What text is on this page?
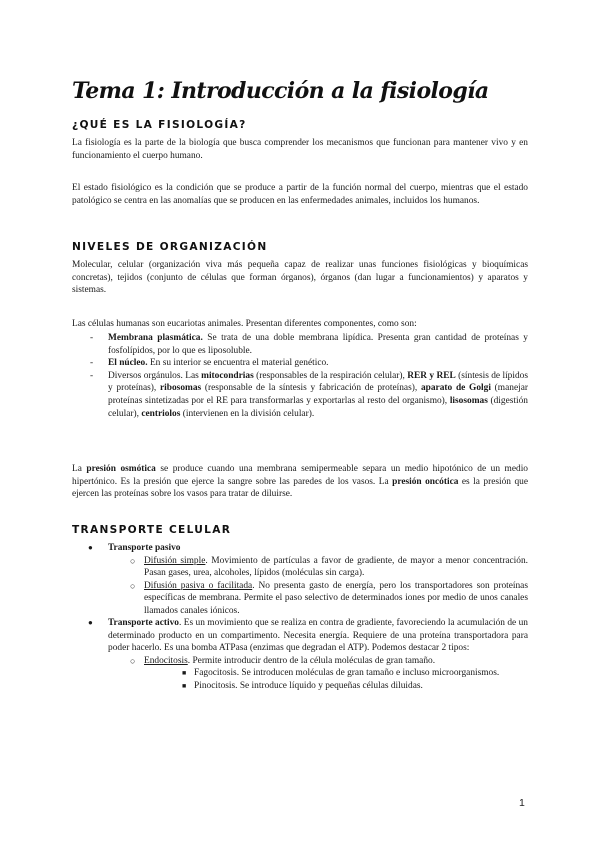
Tema 1: Introducción a la fisiología
¿QUÉ ES LA FISIOLOGÍA?

La fisiología es la parte de la biología que busca comprender los mecanismos que funcionan para mantener vivo y en funcionamiento el cuerpo humano.

El estado fisiológico es la condición que se produce a partir de la función normal del cuerpo, mientras que el estado patológico se centra en las anomalías que se producen en las enfermedades animales, incluidos los humanos.

NIVELES DE ORGANIZACIÓN

Molecular, celular (organización viva más pequeña capaz de realizar unas funciones fisiológicas y bioquímicas concretas), tejidos (conjunto de células que forman órganos), órganos (dan lugar a funcionamientos) y aparatos y sistemas.

Las células humanas son eucariotas animales. Presentan diferentes componentes, como son:

- Membrana plasmática. Se trata de una doble membrana lipídica. Presenta gran cantidad de proteínas y fosfolípidos, por lo que es liposoluble.
- El núcleo. En su interior se encuentra el material genético.
- Diversos orgánulos. Las mitocondrias (responsables de la respiración celular), RER y REL (síntesis de lípidos y proteínas), ribosomas (responsable de la síntesis y fabricación de proteínas), aparato de Golgi (manejar proteínas sintetizadas por el RE para transformarlas y exportarlas al resto del organismo), lisosomas (digestión celular), centriolos (intervienen en la división celular).

La presión osmótica se produce cuando una membrana semipermeable separa un medio hipotónico de un medio hipertónico. Es la presión que ejerce la sangre sobre las paredes de los vasos. La presión oncótica es la presión que ejercen las proteínas sobre los vasos para tratar de diluirse.

TRANSPORTE CELULAR
● Transporte pasivo
○ Difusión simple. Movimiento de partículas a favor de gradiente, de mayor a menor concentración. Pasan gases, urea, alcoholes, lípidos (moléculas sin carga).
○ Difusión pasiva o facilitada. No presenta gasto de energía, pero los transportadores son proteínas específicas de membrana. Permite el paso selectivo de determinados iones por medio de unos canales llamados canales iónicos.
● Transporte activo. Es un movimiento que se realiza en contra de gradiente, favoreciendo la acumulación de un determinado producto en un compartimento. Necesita energía. Requiere de una proteína transportadora para poder hacerlo. Es una bomba ATPasa (enzimas que degradan el ATP). Podemos destacar 2 tipos:
○ Endocitosis. Permite introducir dentro de la célula moléculas de gran tamaño.
■ Fagocitosis. Se introducen moléculas de gran tamaño e incluso microorganismos.
■ Pinocitosis. Se introduce líquido y pequeñas células diluidas.
1
